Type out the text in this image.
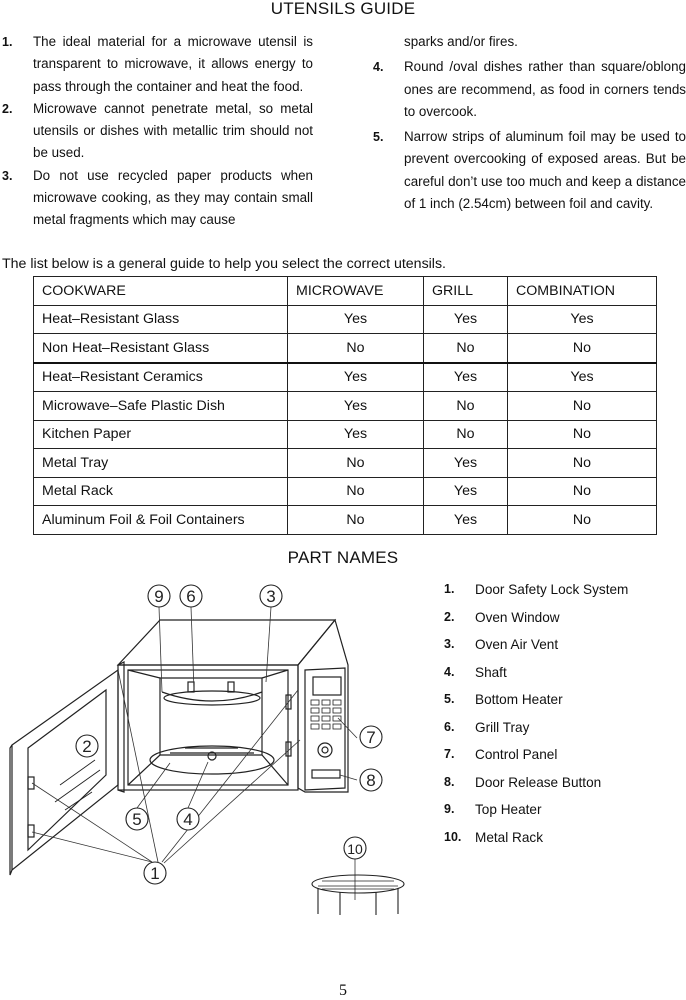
UTENSILS GUIDE
1. The ideal material for a microwave utensil is transparent to microwave, it allows energy to pass through the container and heat the food.

2. Microwave cannot penetrate metal, so metal utensils or dishes with metallic trim should not be used.

3. Do not use recycled paper products when microwave cooking, as they may contain small metal fragments which may cause

sparks and/or fires.

4. Round /oval dishes rather than square/oblong ones are recommend, as food in corners tends to overcook.

5. Narrow strips of aluminum foil may be used to prevent overcooking of exposed areas. But be careful don’t use too much and keep a distance of 1 inch (2.54cm) between foil and cavity.

The list below is a general guide to help you select the correct utensils.
COOKWARE	MICROWAVE	GRILL	COMBINATION
Heat–Resistant Glass	Yes	Yes	Yes
Non Heat–Resistant Glass	No	No	No
Heat–Resistant Ceramics	Yes	Yes	Yes
Microwave–Safe Plastic Dish	Yes	No	No
Kitchen Paper	Yes	No	No
Metal Tray	No	Yes	No
Metal Rack	No	Yes	No
Aluminum Foil & Foil Containers	No	Yes	No
PART NAMES
9 6	3
2	7
8
5 4
1
10
1. Door Safety Lock System
2. Oven Window
3. Oven Air Vent
4. Shaft
5. Bottom Heater
6. Grill Tray
7. Control Panel
8. Door Release Button
9. Top Heater
10. Metal Rack
5
